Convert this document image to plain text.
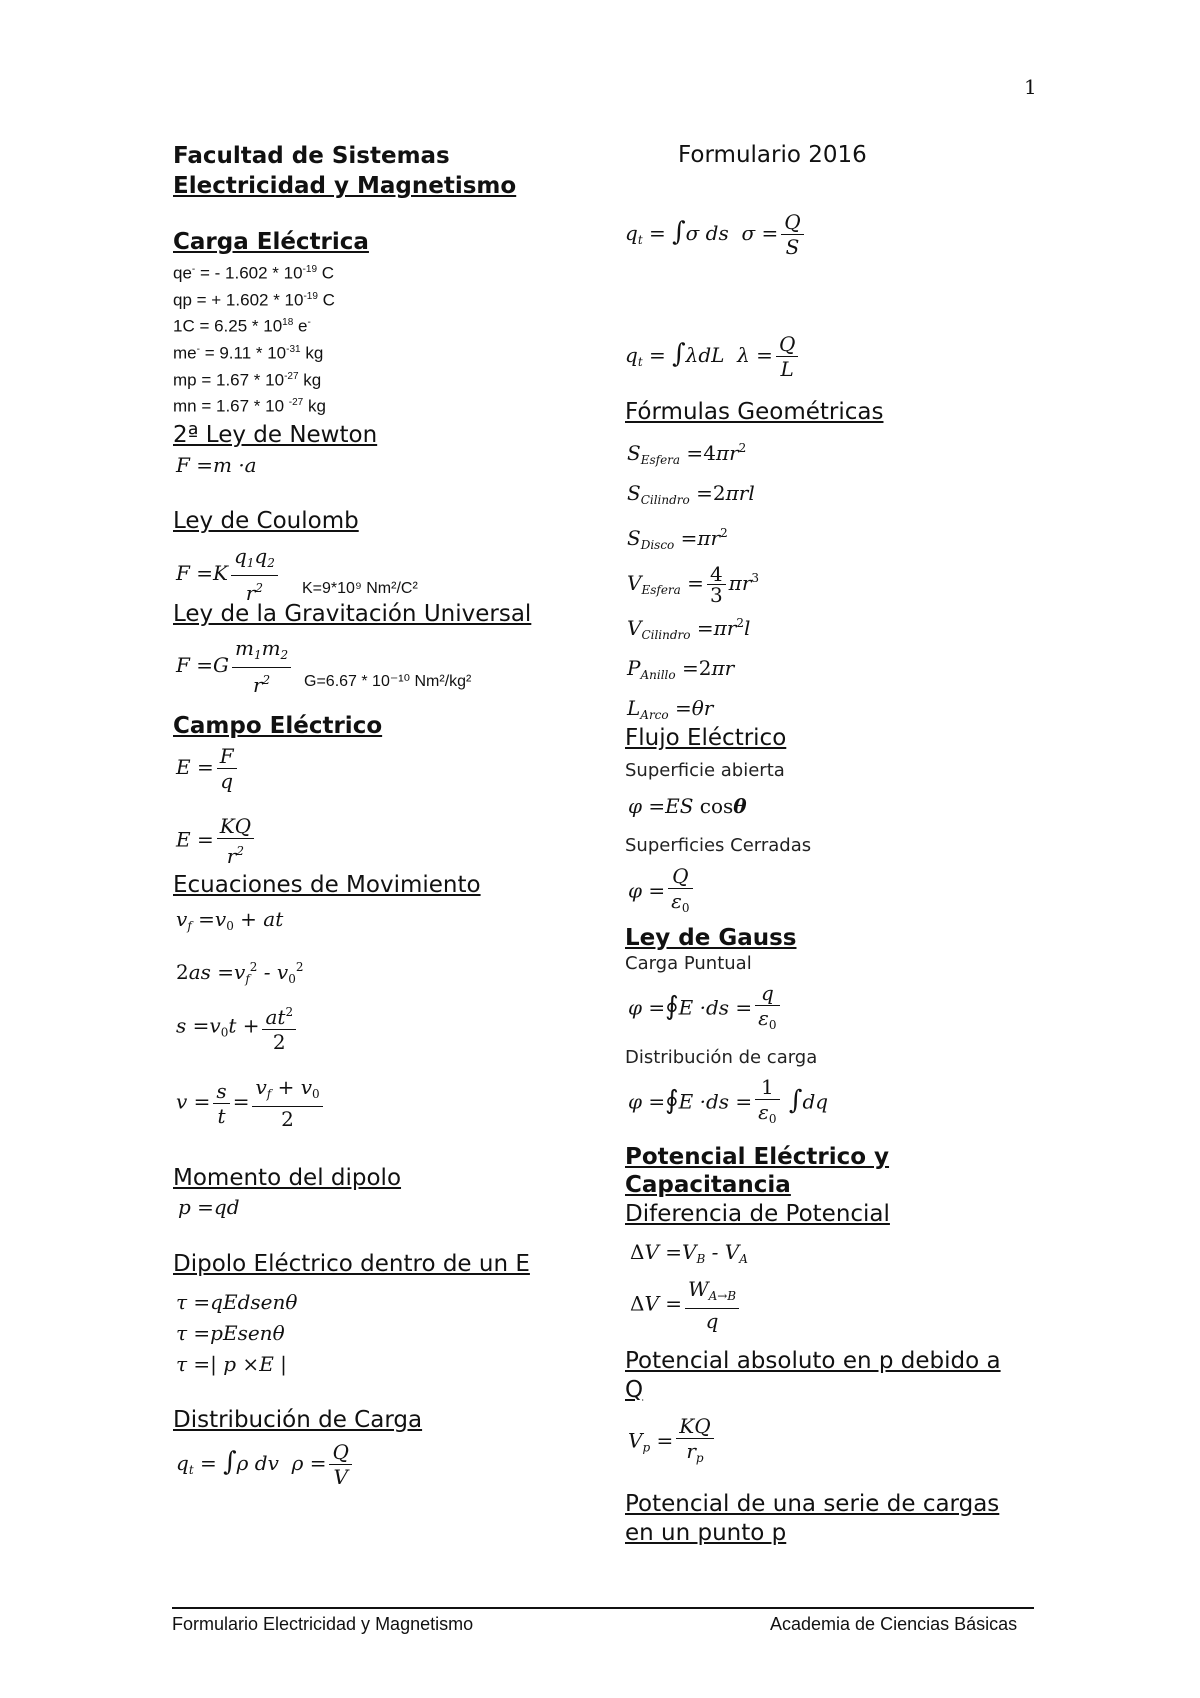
1
Facultad de Sistemas
Electricidad y Magnetismo
Formulario 2016
Carga Eléctrica
qe- = - $1.602 * 10^{-19}$ C
qp = + $1.602 * 10^{-19}$ C
$1C = 6.25 * 10^{18}$ e-
$me^- = 9.11 * 10^{-31}$ kg
mp = $1.67 * 10^{-27}$ kg
mn = 1.67 * 10 $^{-27}$ kg
2ª Ley de Newton
F =m ·a
Ley de Coulomb
$F =K \frac{q_1q_2}{r^2} K=9*10^9$ Nm²/C²
Ley de la Gravitación Universal
$F =G \frac{m_1m_2}{r^2} G=6.67 * 10^{-10}$ Nm²/kg²
Campo Eléctrico
$E = \frac{F}{q}$
$E = \frac{KQ}{r^2}$
Ecuaciones de Movimiento
$v_f =v_0$ + at
$2as =v_f^2 - v_0^2$
$s =v_0t + \frac{at^2}{2}$
$v = \frac{s}{t} = \frac{v_f + v_0}{2}$
Momento del dipolo
p =qd
Dipolo Eléctrico dentro de un E
τ =qEdsenθ
τ =pEsenθ
τ =| p ×E |
Distribución de Carga
$q_t = \int\rho$ dv  $\rho = \frac{Q}{V}$
$q_t = \int\sigma$ ds  $\sigma = \frac{Q}{S}$
$q_t = \int\lambda dL$  $\lambda = \frac{Q}{L}$
Fórmulas Geométricas
$S_{Esfera} =4\pi r^2$
$S_{Cilindro} =2\pi rl$
$S_{Disco} =\pi r^2$
$V_{Esfera} = \frac{4}{3} \pi r^3$
$V_{Cilindro} =\pi r^2l$
$P_{Anillo} =2\pi r$
$L_{Arco} =\theta r$
Flujo Eléctrico
Superficie abierta
φ =ES cosθ
Superficies Cerradas
$\varphi = \frac{Q}{\varepsilon_0}$
Ley de Gauss
Carga Puntual
φ =∮E $\cdot ds = \frac{q}{\varepsilon_0}$
Distribución de carga
φ =∮E $\cdot ds = \frac{1}{\varepsilon_0} \int dq$
Potencial Eléctrico y
Capacitancia
Diferencia de Potencial
$\Delta V =V_B - V_A$
$\Delta V = \frac{W_{A\to B}}{q}$
Potencial absoluto en p debido a
Q
$V_p = \frac{KQ}{r_p}$
Potencial de una serie de cargas
en un punto p
Formulario Electricidad y Magnetismo	Academia de Ciencias Básicas
